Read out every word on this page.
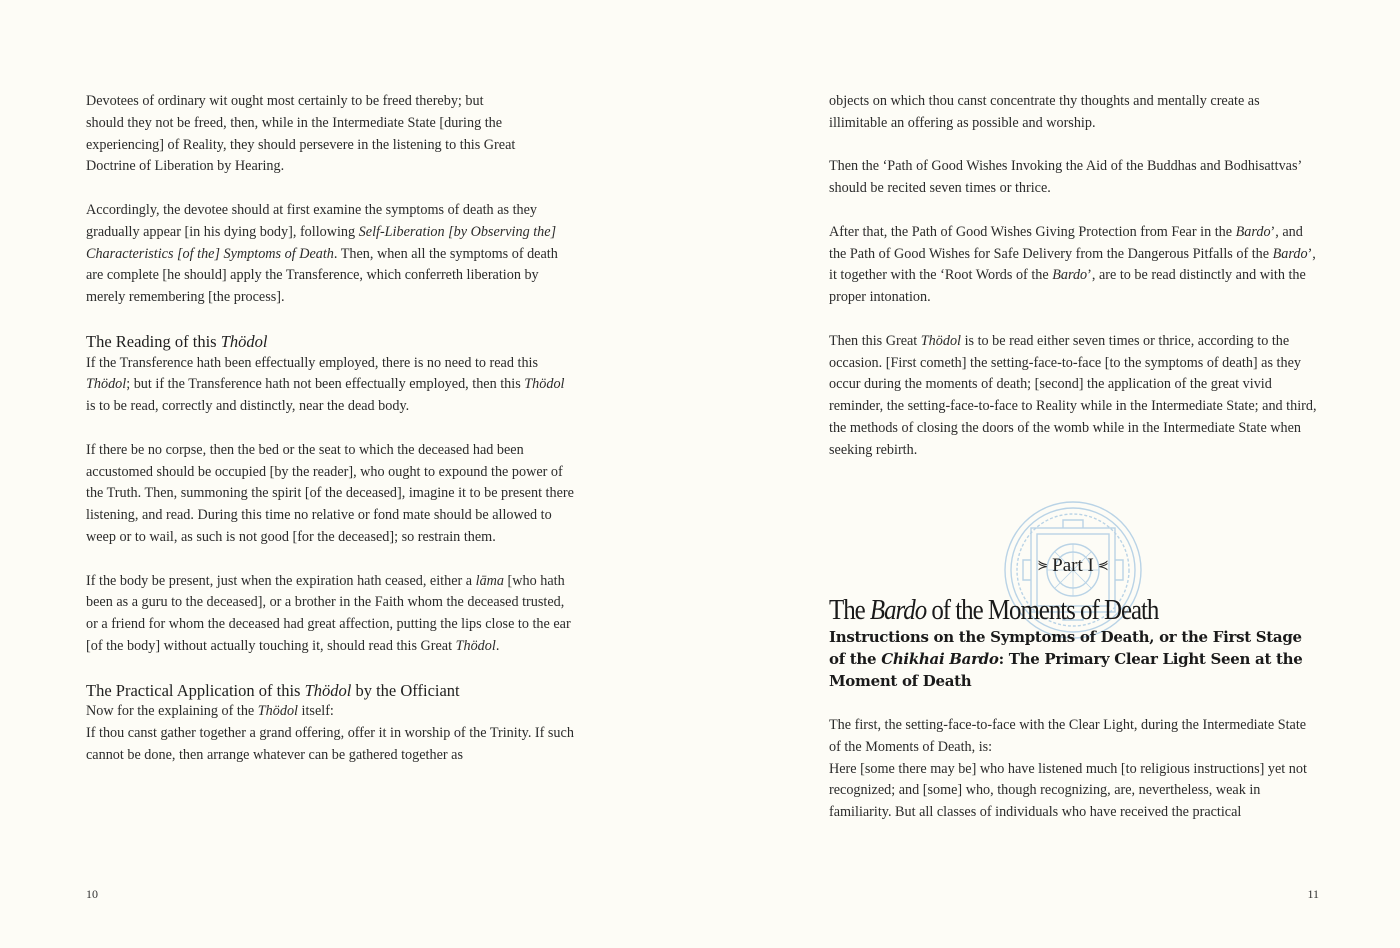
Devotees of ordinary wit ought most certainly to be freed thereby; but
should they not be freed, then, while in the Intermediate State [during the
experiencing] of Reality, they should persevere in the listening to this Great
Doctrine of Liberation by Hearing.

Accordingly, the devotee should at first examine the symptoms of death as they gradually appear [in his dying body], following Self-Liberation [by Observing the] Characteristics [of the] Symptoms of Death. Then, when all the symptoms of death are complete [he should] apply the Transference, which conferreth liberation by merely remembering [the process].

The Reading of this Thödol

If the Transference hath been effectually employed, there is no need to read this Thödol; but if the Transference hath not been effectually employed, then this Thödol is to be read, correctly and distinctly, near the dead body.

If there be no corpse, then the bed or the seat to which the deceased had been accustomed should be occupied [by the reader], who ought to expound the power of the Truth. Then, summoning the spirit [of the deceased], imagine it to be present there listening, and read. During this time no relative or fond mate should be allowed to weep or to wail, as such is not good [for the deceased]; so restrain them.

If the body be present, just when the expiration hath ceased, either a lāma [who hath been as a guru to the deceased], or a brother in the Faith whom the deceased trusted, or a friend for whom the deceased had great affection, putting the lips close to the ear [of the body] without actually touching it, should read this Great Thödol.

The Practical Application of this Thödol by the Officiant

Now for the explaining of the Thödol itself:

If thou canst gather together a grand offering, offer it in worship of the Trinity. If such cannot be done, then arrange whatever can be gathered together as

10

objects on which thou canst concentrate thy thoughts and mentally create as illimitable an offering as possible and worship.

Then the ‘Path of Good Wishes Invoking the Aid of the Buddhas and Bodhisattvas’ should be recited seven times or thrice.

After that, the Path of Good Wishes Giving Protection from Fear in the Bardo’, and the Path of Good Wishes for Safe Delivery from the Dangerous Pitfalls of the Bardo’, it together with the ‘Root Words of the Bardo’, are to be read distinctly and with the proper intonation.

Then this Great Thödol is to be read either seven times or thrice, according to the occasion. [First cometh] the setting-face-to-face [to the symptoms of death] as they occur during the moments of death; [second] the application of the great vivid reminder, the setting-face-to-face to Reality while in the Intermediate State; and third, the methods of closing the doors of the womb while in the Intermediate State when seeking rebirth.

⋟ Part I ⋞
The Bardo of the Moments of Death
Instructions on the Symptoms of Death, or the First Stage of the Chikhai Bardo: The Primary Clear Light Seen at the Moment of Death

The first, the setting-face-to-face with the Clear Light, during the Intermediate State of the Moments of Death, is:

Here [some there may be] who have listened much [to religious instructions] yet not recognized; and [some] who, though recognizing, are, nevertheless, weak in familiarity. But all classes of individuals who have received the practical

11
